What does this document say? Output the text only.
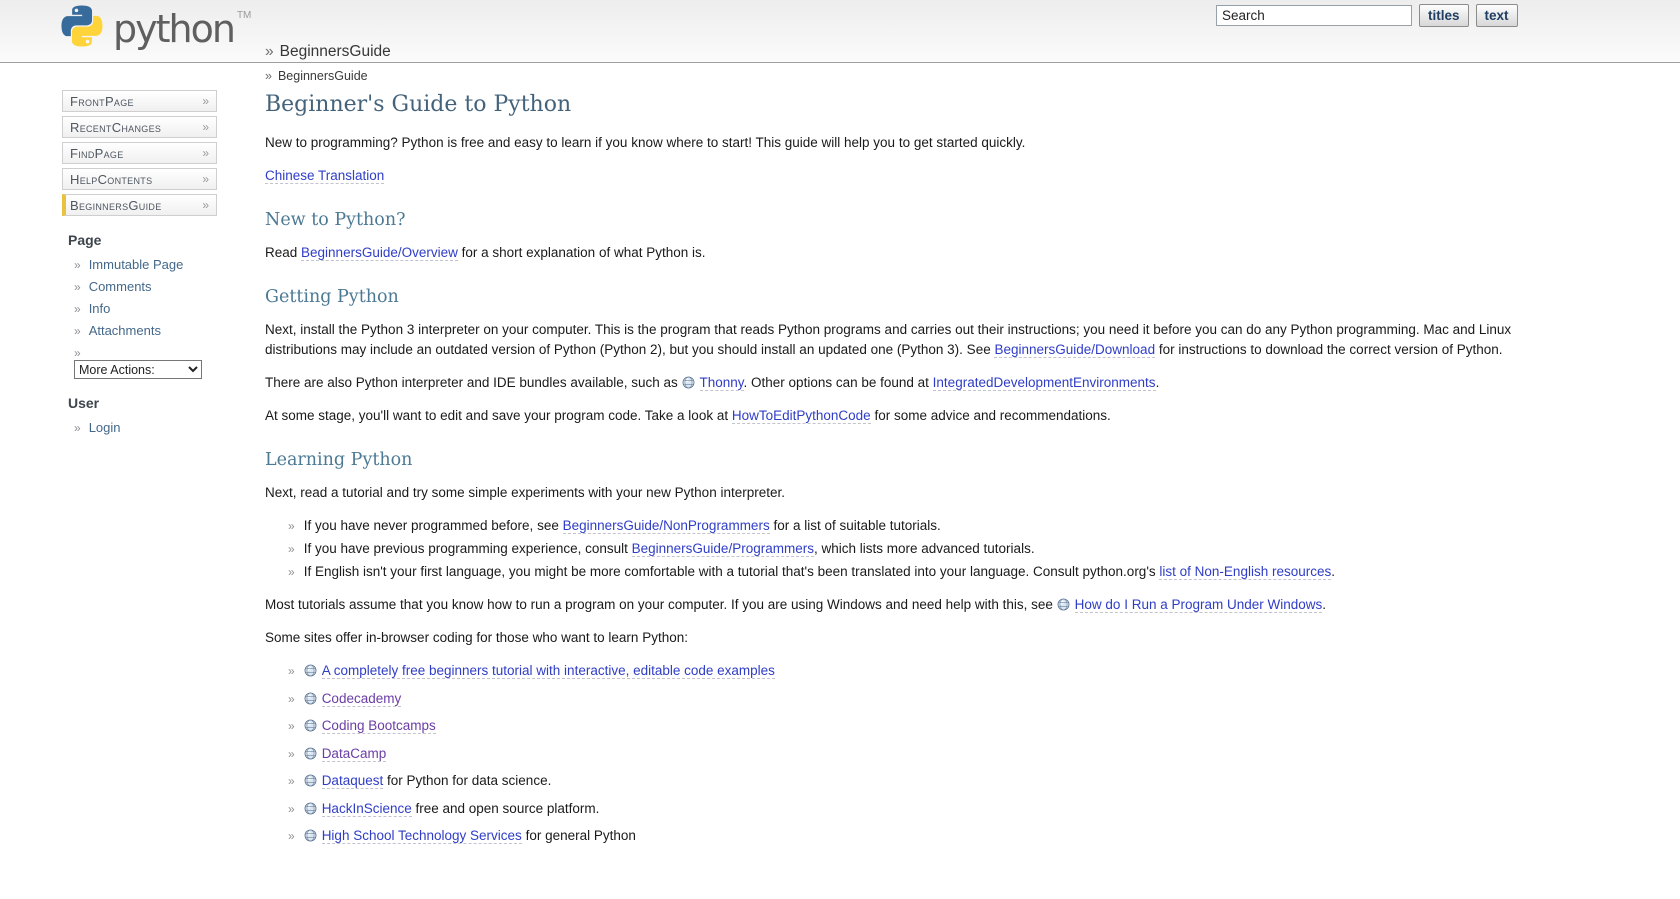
python TM
Search	titles	text
» BeginnersGuide
» BeginnersGuide
FrontPage	»
RecentChanges	»
FindPage	»
HelpContents	»
BeginnersGuide	»
Page
» Immutable Page
» Comments
» Info
» Attachments
»
More Actions:
User
» Login
Beginner's Guide to Python

New to programming? Python is free and easy to learn if you know where to start! This guide will help you to get started quickly.

Chinese Translation

New to Python?

Read BeginnersGuide/Overview for a short explanation of what Python is.

Getting Python

Next, install the Python 3 interpreter on your computer. This is the program that reads Python programs and carries out their instructions; you need it before you can do any Python programming. Mac and Linux distributions may include an outdated version of Python (Python 2), but you should install an updated one (Python 3). See BeginnersGuide/Download for instructions to download the correct version of Python.

There are also Python interpreter and IDE bundles available, such as Thonny. Other options can be found at IntegratedDevelopmentEnvironments.

At some stage, you'll want to edit and save your program code. Take a look at HowToEditPythonCode for some advice and recommendations.

Learning Python

Next, read a tutorial and try some simple experiments with your new Python interpreter.

» If you have never programmed before, see BeginnersGuide/NonProgrammers for a list of suitable tutorials.
» If you have previous programming experience, consult BeginnersGuide/Programmers, which lists more advanced tutorials.
» If English isn't your first language, you might be more comfortable with a tutorial that's been translated into your language. Consult python.org's list of Non-English resources.

Most tutorials assume that you know how to run a program on your computer. If you are using Windows and need help with this, see How do I Run a Program Under Windows.

Some sites offer in-browser coding for those who want to learn Python:

» A completely free beginners tutorial with interactive, editable code examples
» Codecademy
» Coding Bootcamps
» DataCamp
» Dataquest for Python for data science.
» HackInScience free and open source platform.
» High School Technology Services for general Python
